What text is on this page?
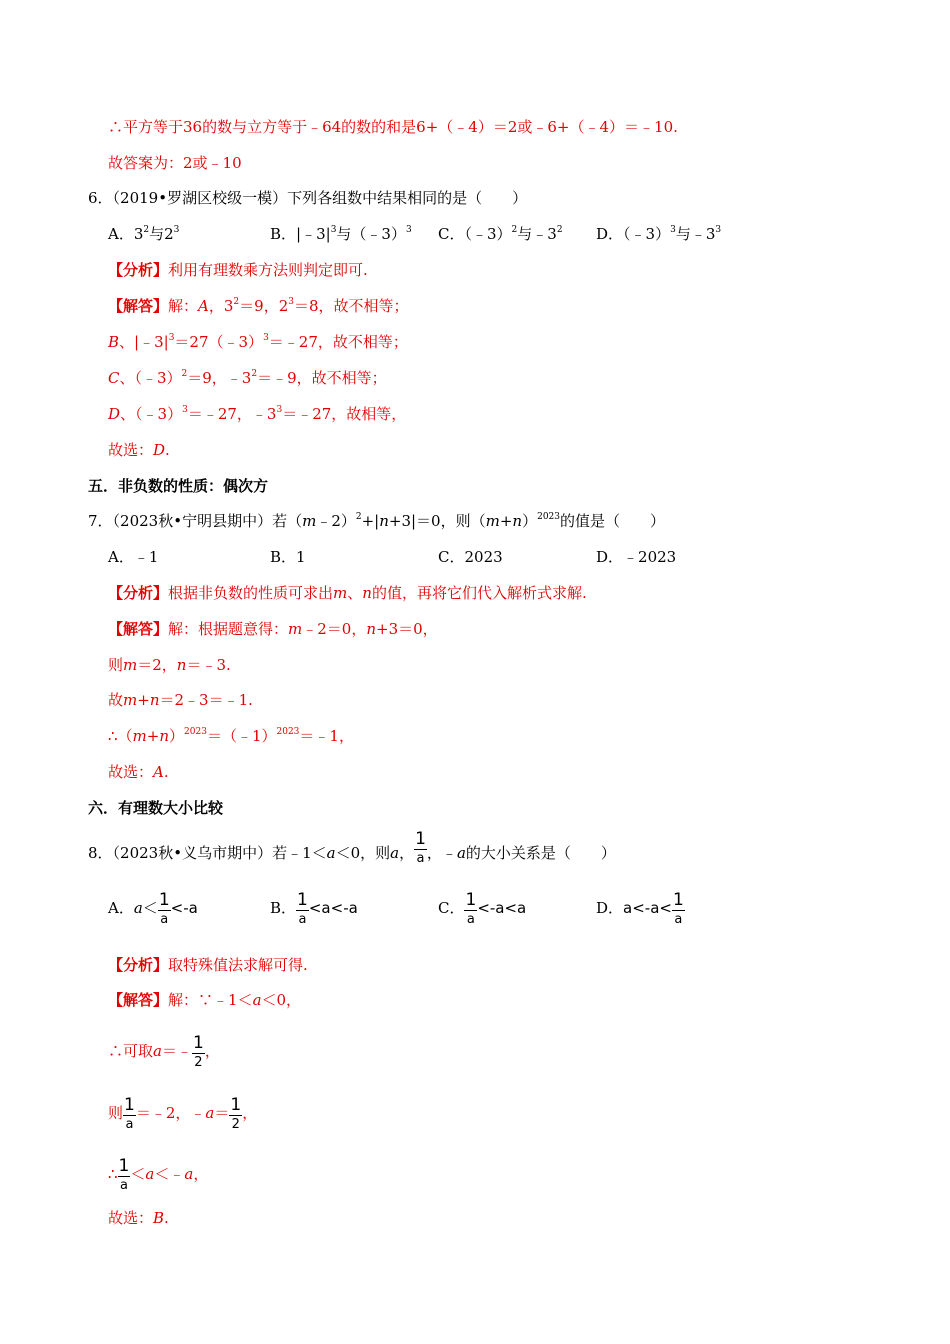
∴平方等于36的数与立方等于﹣64的数的和是6+（﹣4）＝2或﹣6+（﹣4）＝﹣10.
故答案为：2或﹣10
6．（2019•罗湖区校级一模）下列各组数中结果相同的是（　　）
A．$3^2$与$2^3$	B．$|﹣3|^3$与（﹣3）$^3$ C．（﹣3）$^2$与$﹣3^2$ D．（﹣3）$^3$与$﹣3^3$
【分析】利用有理数乘方法则判定即可.
【解答】解：A，$3^2=9$，$2^3=8$，故不相等；
B、$|﹣3|^3=27(﹣3)^3=﹣27$，故不相等；
C、（﹣3）$^2$＝9，$﹣3^2=﹣9$，故不相等；
D、（﹣3）$^3$＝﹣27，$﹣3^3=﹣27$，故相等，
故选：D.
五．非负数的性质：偶次方
7．（2023秋•宁明县期中）若（m﹣2）$^2$+|n+3|＝0，则$(m+n)^{2023}$的值是（　　）
A．﹣1	B．1	C．2023	D．﹣2023
【分析】根据非负数的性质可求出m、n的值，再将它们代入解析式求解.
【解答】解：根据题意得：m﹣2＝0，n+3＝0，
则m＝2，n＝﹣3.
故m+n＝2﹣3＝﹣1.
$\therefore(m+n)^{2023}=(﹣1)^{2023}=﹣1$，
故选：A.
六．有理数大小比较
8．（2023秋•义乌市期中）若﹣1＜a＜0，则a， $\frac{1}{a}$ ，﹣a的大小关系是（　　）
A．$a< \frac{1}{a} <-a$	B． $\frac{1}{a} <a<-a$	C． $\frac{1}{a} <-a<a$	D．$a<-a< \frac{1}{a}$
【分析】取特殊值法求解可得.
【解答】解：∵﹣1＜a＜0，
∴可取a＝﹣ $\frac{1}{2}$ ，
则 $\frac{1}{a}$ ＝﹣2，﹣a＝ $\frac{1}{2}$ ，
∴ $\frac{1}{a}$ ＜a＜﹣a，
故选：B.
